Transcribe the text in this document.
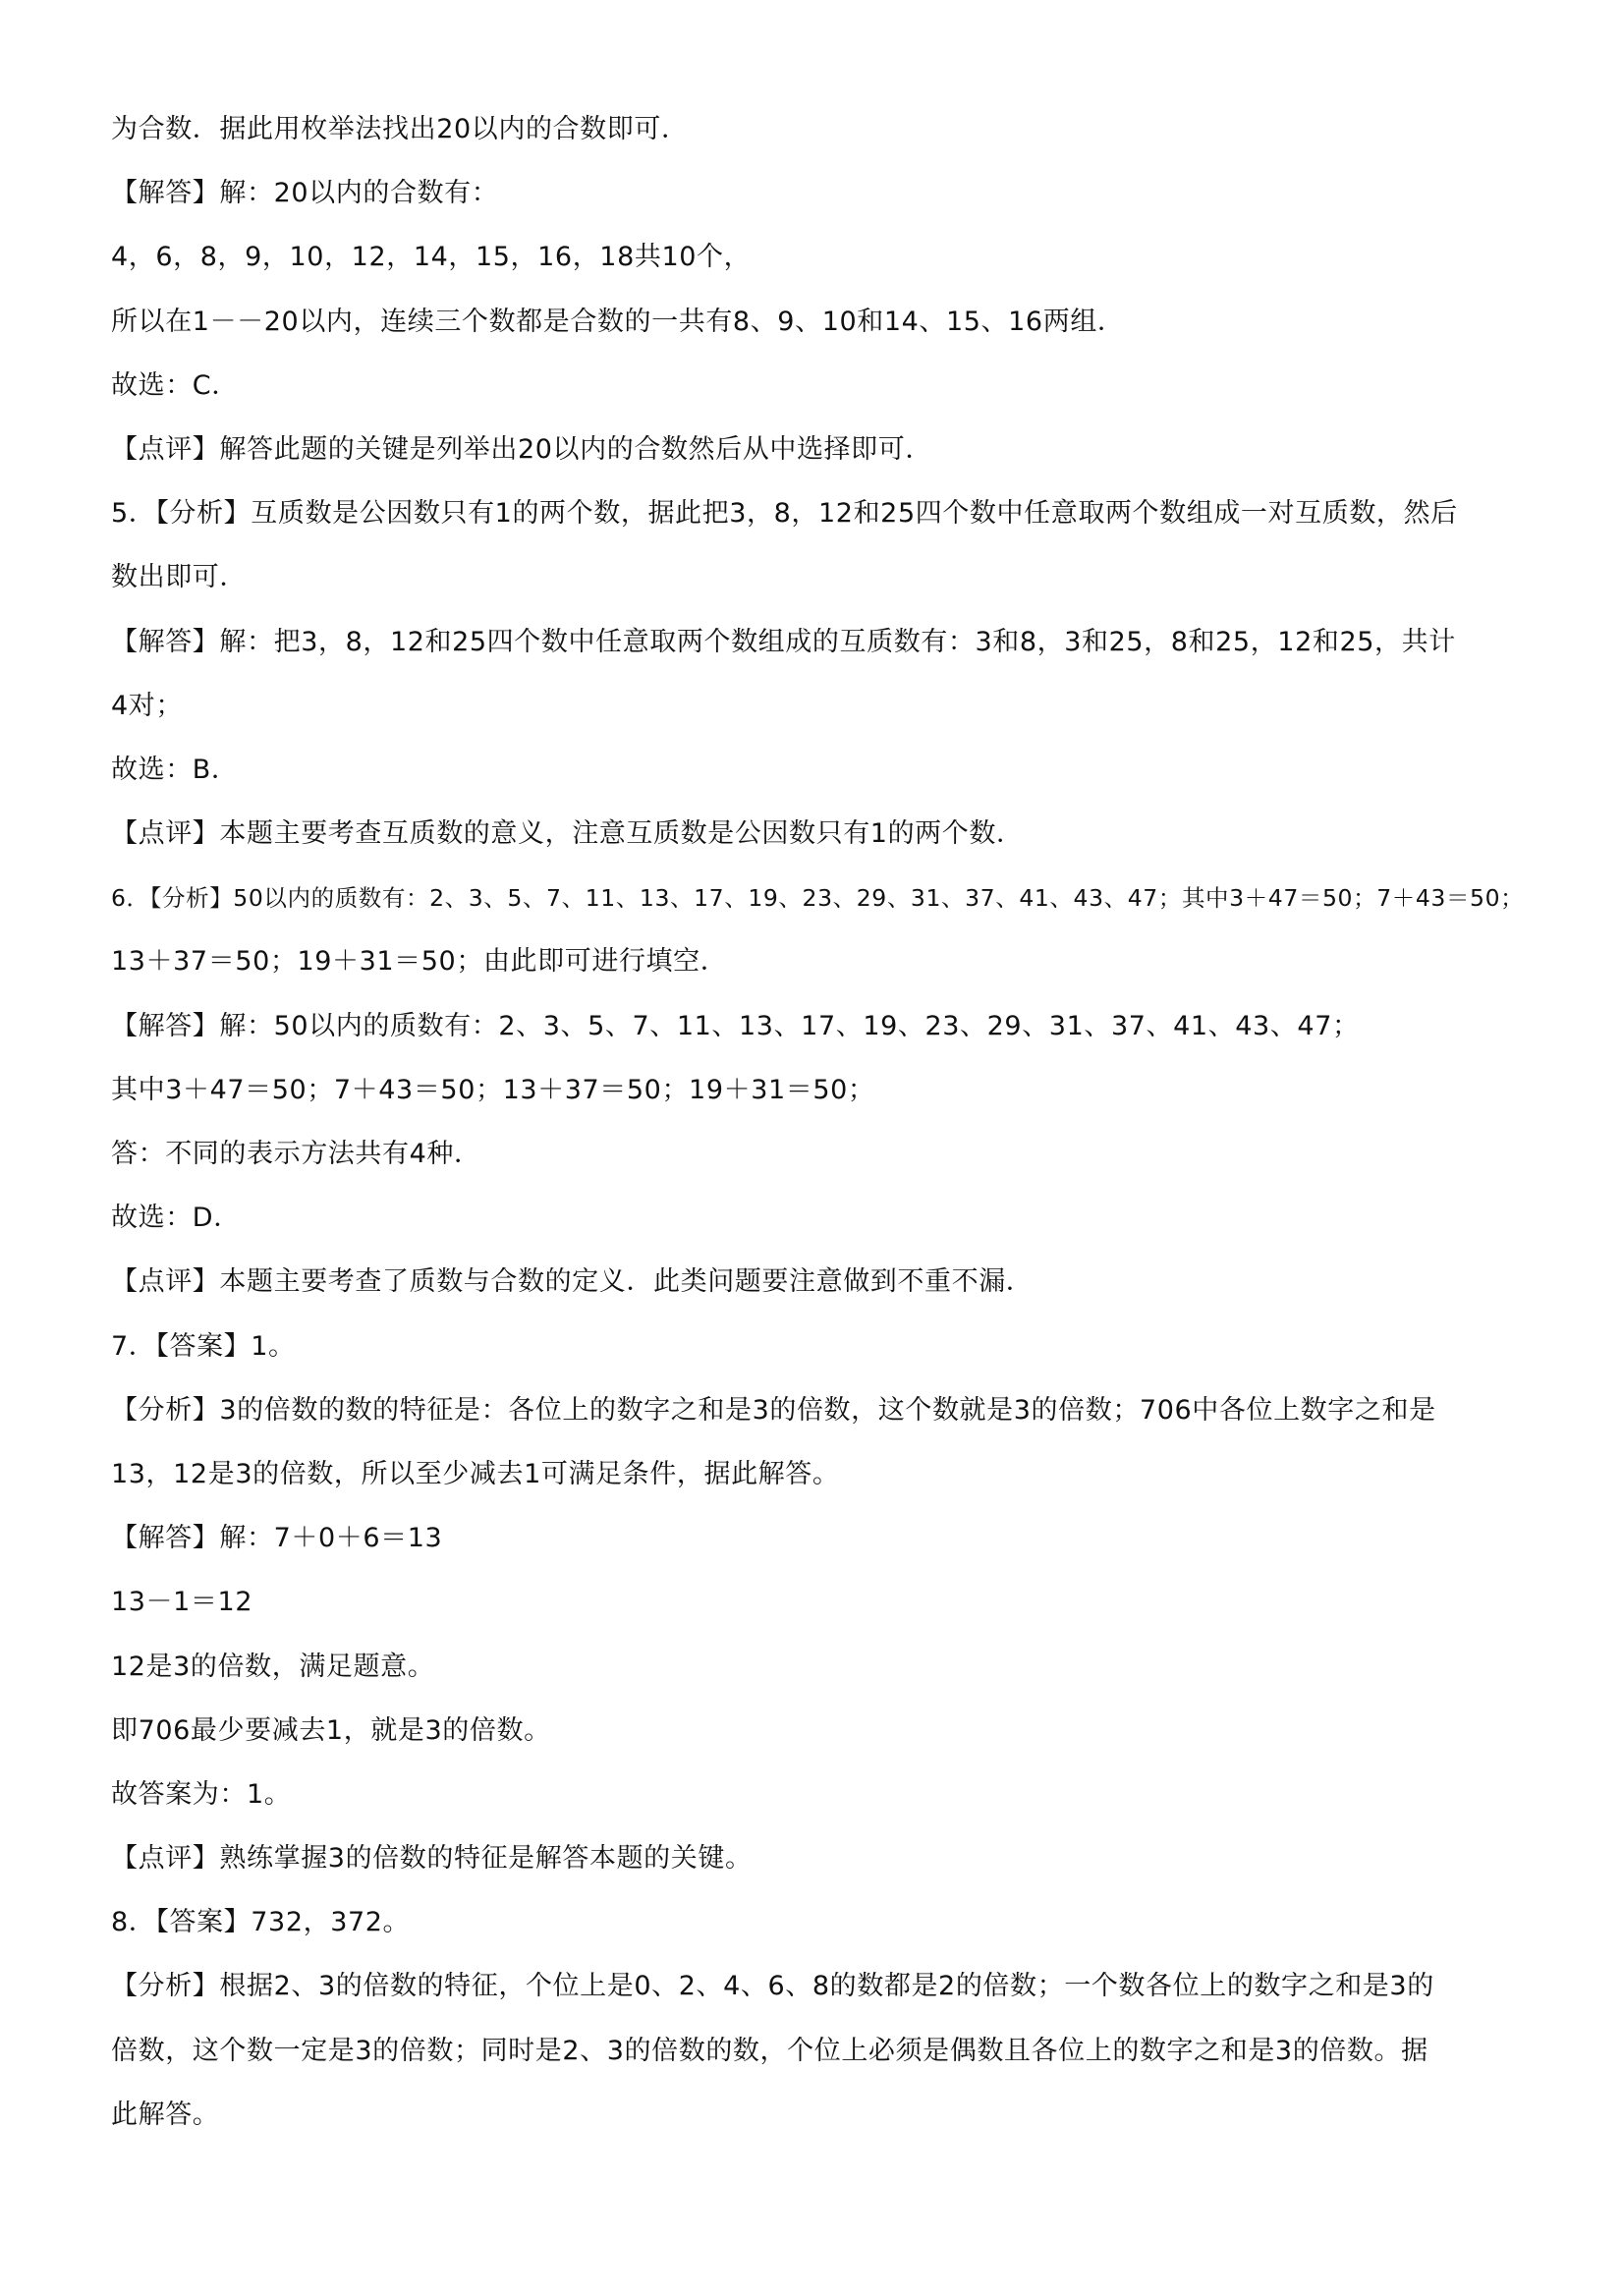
为合数．据此用枚举法找出20以内的合数即可．
【解答】解：20以内的合数有：
4，6，8，9，10，12，14，15，16，18共10个，
所以在1－－20以内，连续三个数都是合数的一共有8、9、10和14、15、16两组．
故选：C．
【点评】解答此题的关键是列举出20以内的合数然后从中选择即可．
5．【分析】互质数是公因数只有1的两个数，据此把3，8，12和25四个数中任意取两个数组成一对互质数，然后
数出即可．
【解答】解：把3，8，12和25四个数中任意取两个数组成的互质数有：3和8，3和25，8和25，12和25，共计
4对；
故选：B．
【点评】本题主要考查互质数的意义，注意互质数是公因数只有1的两个数．
6．【分析】50以内的质数有：2、3、5、7、11、13、17、19、23、29、31、37、41、43、47；其中3＋47＝50；7＋43＝50；
13＋37＝50；19＋31＝50；由此即可进行填空．
【解答】解：50以内的质数有：2、3、5、7、11、13、17、19、23、29、31、37、41、43、47；
其中3＋47＝50；7＋43＝50；13＋37＝50；19＋31＝50；
答：不同的表示方法共有4种．
故选：D．
【点评】本题主要考查了质数与合数的定义．此类问题要注意做到不重不漏．
7．【答案】1。
【分析】3的倍数的数的特征是：各位上的数字之和是3的倍数，这个数就是3的倍数；706中各位上数字之和是
13，12是3的倍数，所以至少减去1可满足条件，据此解答。
【解答】解：7＋0＋6＝13
13－1＝12
12是3的倍数，满足题意。
即706最少要减去1，就是3的倍数。
故答案为：1。
【点评】熟练掌握3的倍数的特征是解答本题的关键。
8．【答案】732，372。
【分析】根据2、3的倍数的特征，个位上是0、2、4、6、8的数都是2的倍数；一个数各位上的数字之和是3的
倍数，这个数一定是3的倍数；同时是2、3的倍数的数，个位上必须是偶数且各位上的数字之和是3的倍数。据
此解答。
